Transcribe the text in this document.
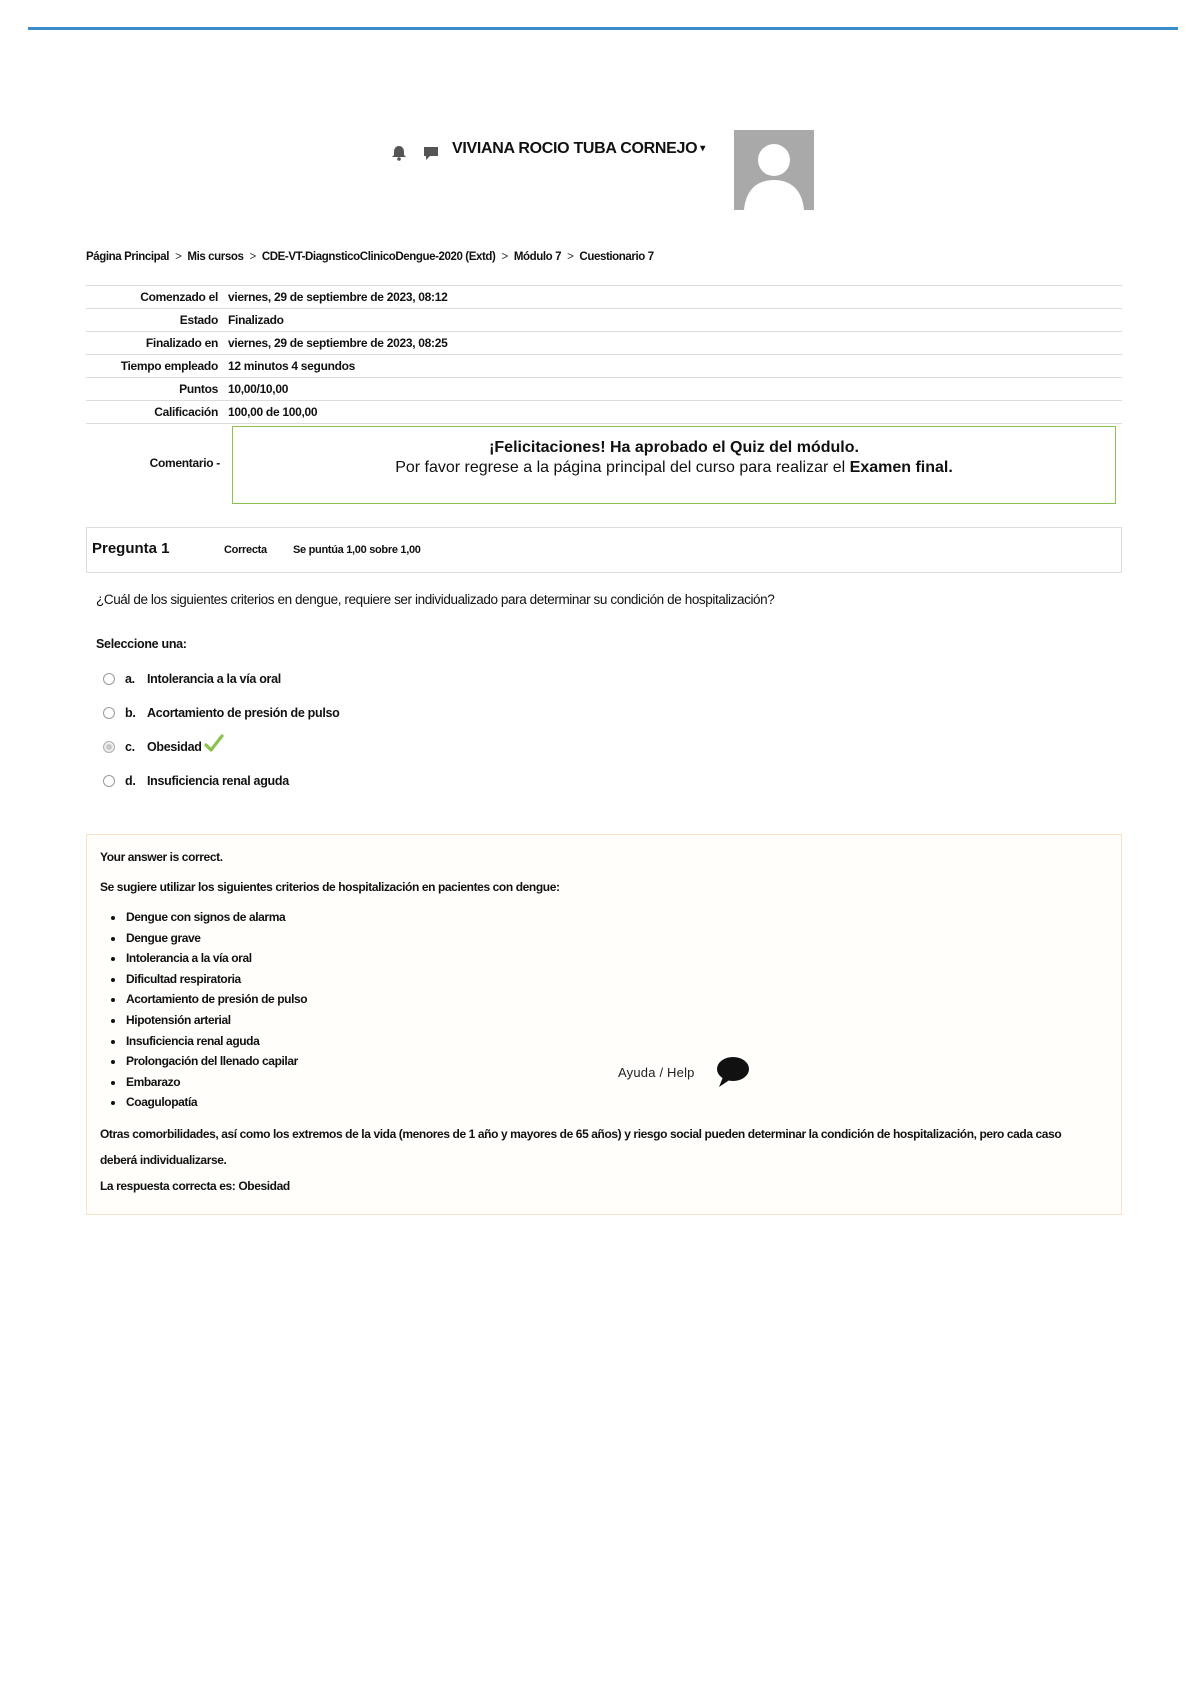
VIVIANA ROCIO TUBA CORNEJO ▾
Página Principal > Mis cursos > CDE-VT-DiagnsticoClinicoDengue-2020 (Extd) > Módulo 7 > Cuestionario 7
Comenzado el	viernes, 29 de septiembre de 2023, 08:12
Estado	Finalizado
Finalizado en	viernes, 29 de septiembre de 2023, 08:25
Tiempo empleado	12 minutos 4 segundos
Puntos	10,00/10,00
Calificación	100,00 de 100,00
Comentario -
¡Felicitaciones! Ha aprobado el Quiz del módulo.
Por favor regrese a la página principal del curso para realizar el Examen final.
Pregunta 1	Correcta Se puntúa 1,00 sobre 1,00
¿Cuál de los siguientes criterios en dengue, requiere ser individualizado para determinar su condición de hospitalización?
Seleccione una:
a. Intolerancia a la vía oral
b. Acortamiento de presión de pulso
c. Obesidad
d. Insuficiencia renal aguda
Your answer is correct.
Se sugiere utilizar los siguientes criterios de hospitalización en pacientes con dengue:
Dengue con signos de alarma
Dengue grave
Intolerancia a la vía oral
Dificultad respiratoria
Acortamiento de presión de pulso
Hipotensión arterial
Insuficiencia renal aguda
Prolongación del llenado capilar
Embarazo
Coagulopatía
Otras comorbilidades, así como los extremos de la vida (menores de 1 año y mayores de 65 años) y riesgo social pueden determinar la condición de hospitalización, pero cada caso deberá individualizarse.
La respuesta correcta es: Obesidad
Ayuda / Help
